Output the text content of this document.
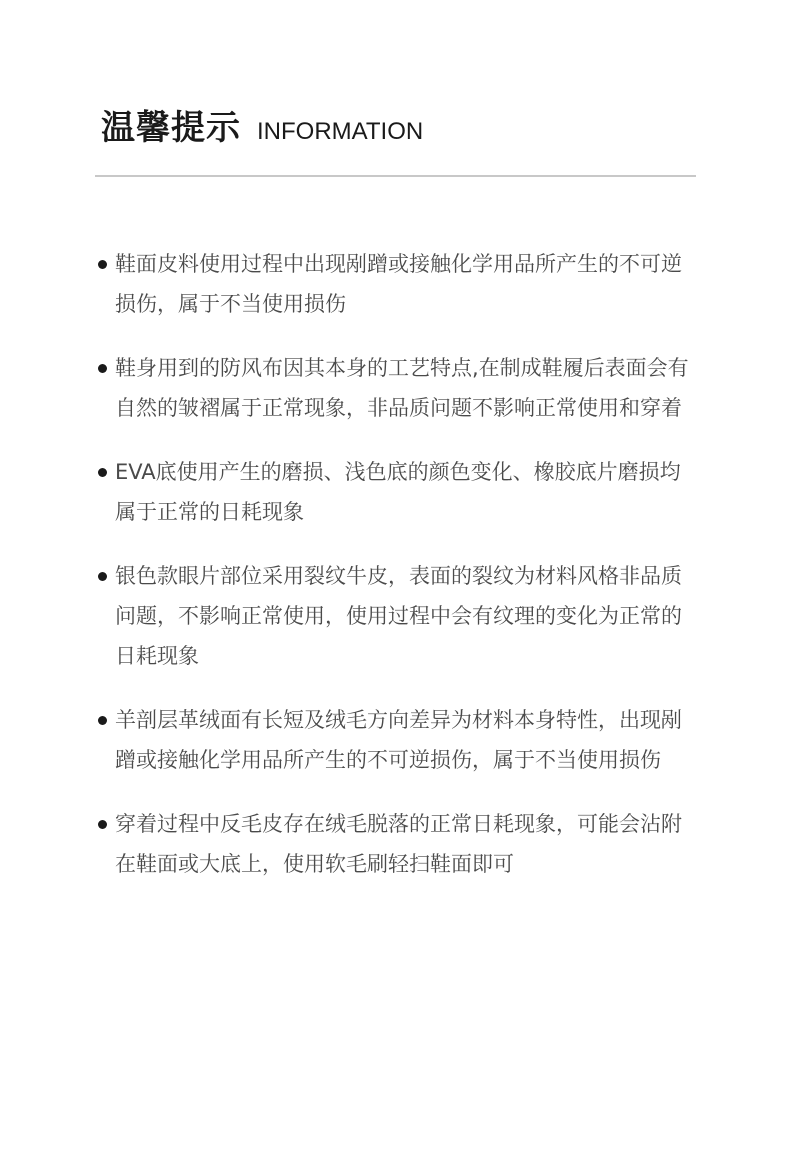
温馨提示 INFORMATION
鞋面皮料使用过程中出现剐蹭或接触化学用品所产生的不可逆损伤，属于不当使用损伤
鞋身用到的防风布因其本身的工艺特点,在制成鞋履后表面会有自然的皱褶属于正常现象，非品质问题不影响正常使用和穿着
EVA底使用产生的磨损、浅色底的颜色变化、橡胶底片磨损均属于正常的日耗现象
银色款眼片部位采用裂纹牛皮，表面的裂纹为材料风格非品质问题，不影响正常使用，使用过程中会有纹理的变化为正常的日耗现象
羊剖层革绒面有长短及绒毛方向差异为材料本身特性，出现剐蹭或接触化学用品所产生的不可逆损伤，属于不当使用损伤
穿着过程中反毛皮存在绒毛脱落的正常日耗现象，可能会沾附在鞋面或大底上，使用软毛刷轻扫鞋面即可
